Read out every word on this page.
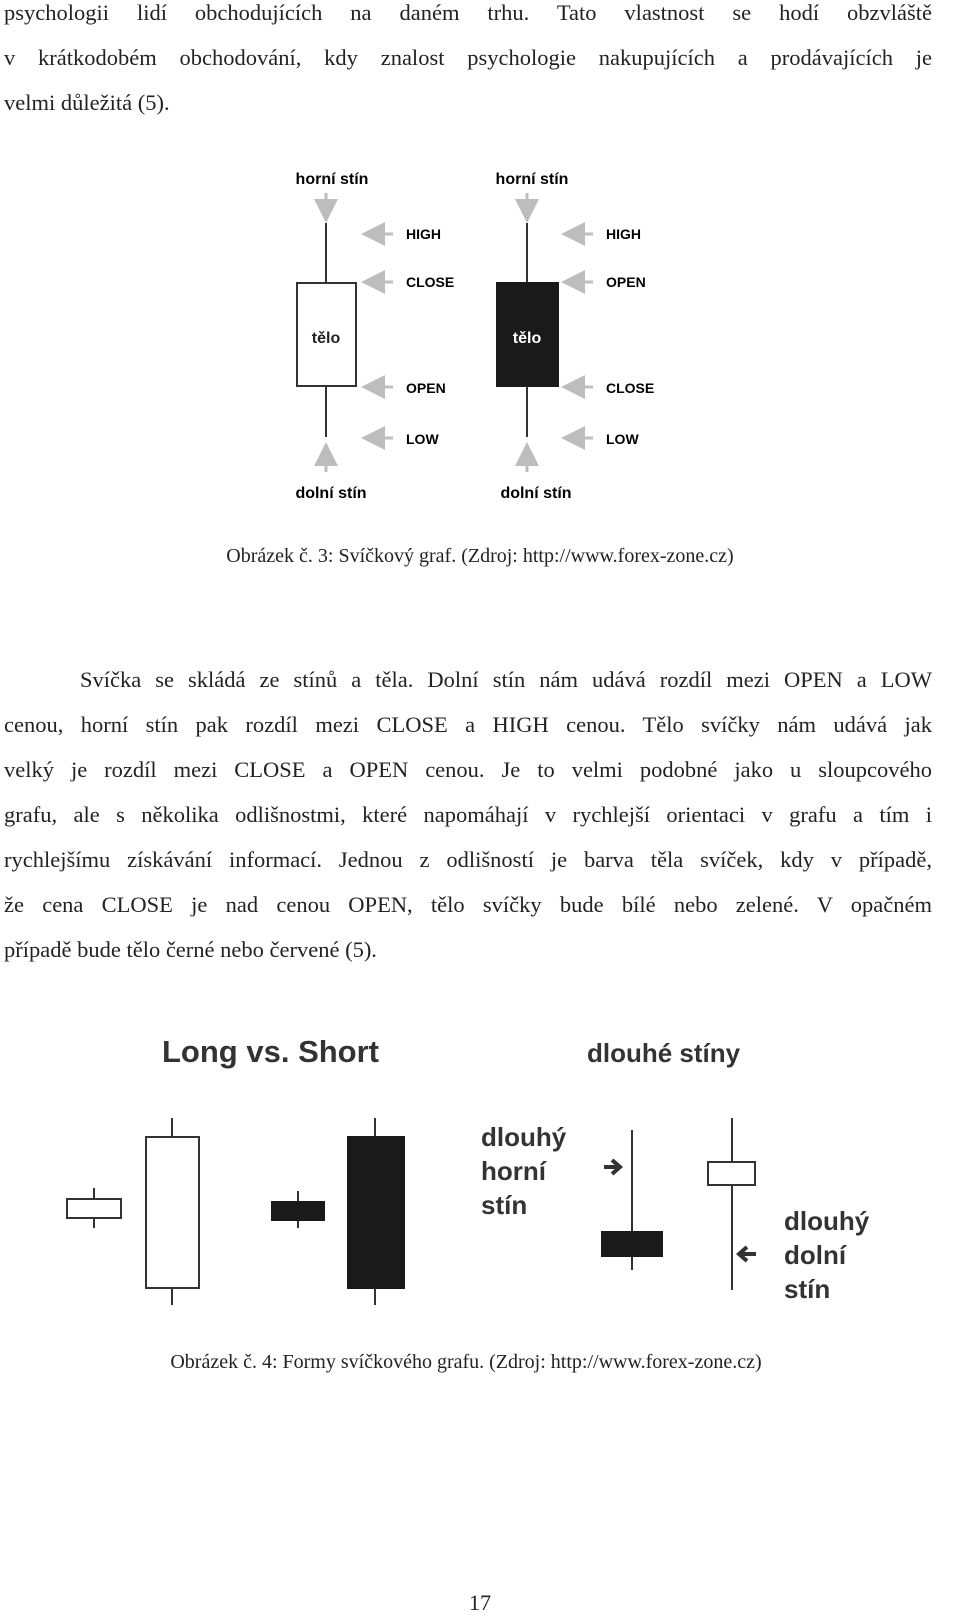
psychologii lidí obchodujících na daném trhu. Tato vlastnost se hodí obzvláště
v krátkodobém obchodování, kdy znalost psychologie nakupujících a prodávajících je
velmi důležitá (5).
horní stín
tělo
dolní stín
HIGH
CLOSE
OPEN
LOW
horní stín
tělo
dolní stín
HIGH
OPEN
CLOSE
LOW

Obrázek č. 3: Svíčkový graf. (Zdroj: http://www.forex-zone.cz)

Svíčka se skládá ze stínů a těla. Dolní stín nám udává rozdíl mezi OPEN a LOW
cenou, horní stín pak rozdíl mezi CLOSE a HIGH cenou. Tělo svíčky nám udává jak
velký je rozdíl mezi CLOSE a OPEN cenou. Je to velmi podobné jako u sloupcového
grafu, ale s několika odlišnostmi, které napomáhají v rychlejší orientaci v grafu a tím i
rychlejšímu získávání informací. Jednou z odlišností je barva těla svíček, kdy v případě,
že cena CLOSE je nad cenou OPEN, tělo svíčky bude bílé nebo zelené. V opačném
případě bude tělo černé nebo červené (5).
Long vs. Short	dlouhé stíny
dlouhý
horní
stín
dlouhý
dolní
stín

Obrázek č. 4: Formy svíčkového grafu. (Zdroj: http://www.forex-zone.cz)

17
